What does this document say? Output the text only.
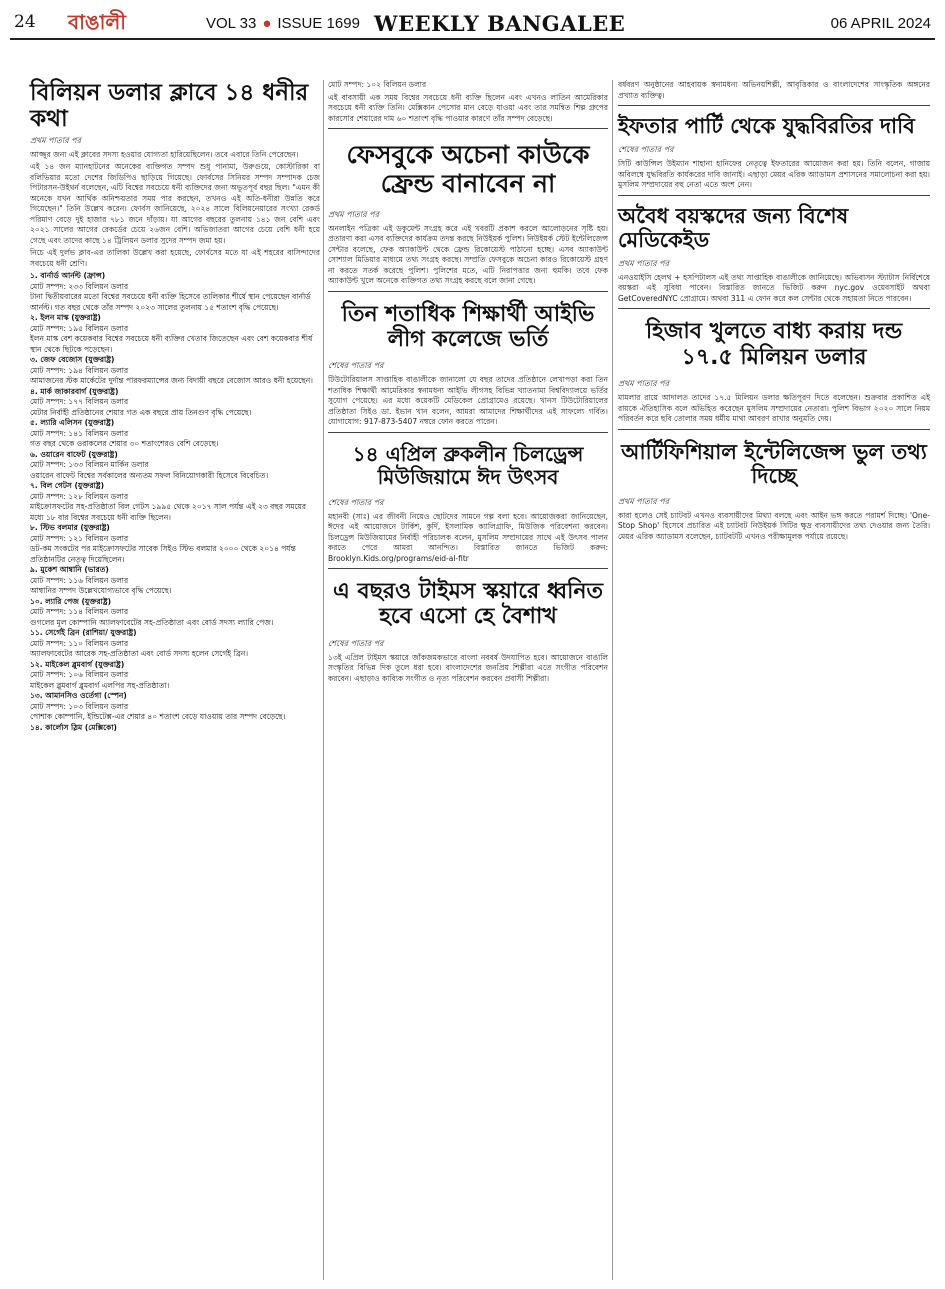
24 বাঙালী	VOL 33 ● ISSUE 1699 WEEKLY BANGALEE	06 APRIL 2024
বিলিয়ন ডলার ক্লাবে ১৪ ধনীর কথা
প্রথম পাতার পর

আজ্জুর জন্য এই ক্লাবের সদস্য হওয়ার যোগ্যতা হারিয়েছিলেন। তবে এবারে তিনি পেরেছেন।

এই ১৪ জন ম্যানহাটনের অনেকের ব্যক্তিগত সম্পদ শুধু পানামা, উরুগুয়ে, কোস্টারিকা বা বলিভিয়ার মতো দেশের জিডিপিও ছাড়িয়ে গিয়েছে। ফোর্বসের সিনিয়র সম্পদ সম্পাদক চেজ পিটারসন-উইথর্ন বলেছেন, এটি বিশ্বের সবচেয়ে ধনী ব্যক্তিদের জন্য অভূতপূর্ব বছর ছিল। "এমন কী অনেকে যখন আর্থিক অনিশ্চয়তার সময় পার করছেন, তখনও এই অতি-ধনীরা উন্নতি করে গিয়েছেন।" তিনি উল্লেখ করেন। ফোর্বস জানিয়েছে, ২০২৪ সালে বিলিয়নেয়ারের সংখ্যা রেকর্ড পরিমাণ বেড়ে দুই হাজার ৭৮১ জনে দাঁড়ায়। যা আগের বছরের তুলনায় ১৪১ জন বেশি এবং ২০২১ সালের আগের রেকর্ডের চেয়ে ২৬জন বেশি। অভিজাতরা আগের চেয়ে বেশি ধনী হয়ে গেছে এবং তাদের কাছে ১৪ ট্রিলিয়ন ডলার সুদের সম্পদ জমা হয়।

নিচে এই দুর্লভ ক্লাব-এর তালিকা উল্লেখ করা হয়েছে, ফোর্বসের মতে যা এই শহরের বাসিন্দাদের সবচেয়ে ধনী শ্রেণি।

১. বার্নার্ড আর্নল্ট (ফ্রান্স)
মোট সম্পদ: ২৩৩ বিলিয়ন ডলার
টানা দ্বিতীয়বারের মতো বিশ্বের সবচেয়ে ধনী ব্যক্তি হিসেবে তালিকার শীর্ষে স্থান পেয়েছেন বার্নার্ড আর্নল্ট। গত বছর থেকে তাঁর সম্পদ ২০২৩ সালের তুলনায় ১৫ শতাংশ বৃদ্ধি পেয়েছে।
২. ইলন মাস্ক (যুক্তরাষ্ট্র)
মোট সম্পদ: ১৯৫ বিলিয়ন ডলার
ইলন মাস্ক বেশ কয়েকবার বিশ্বের সবচেয়ে ধনী ব্যক্তির খেতাব জিতেছেন এবং বেশ কয়েকবার শীর্ষ স্থান থেকে ছিটকে পড়েছেন।
৩. জেফ বেজোস (যুক্তরাষ্ট্র)
মোট সম্পদ: ১৯৪ বিলিয়ন ডলার
আমাজনের স্টক মার্কেটের দুর্দান্ত পারফরম্যান্সের জন্য বিদায়ী বছরে বেজোস আরও ধনী হয়েছেন।
৪. মার্ক জাকারবার্গ (যুক্তরাষ্ট্র)
মোট সম্পদ: ১৭৭ বিলিয়ন ডলার
মেটার নির্বাহী প্রতিষ্ঠানের শেয়ার গত এক বছরে প্রায় তিনগুণ বৃদ্ধি পেয়েছে।
৫. ল্যারি এলিসন (যুক্তরাষ্ট্র)
মোট সম্পদ: ১৪১ বিলিয়ন ডলার
গত বছর থেকে ওরাকলের শেয়ার ৩০ শতাংশেরও বেশি বেড়েছে।
৬. ওয়ারেন বাফেট (যুক্তরাষ্ট্র)
মোট সম্পদ: ১৩৩ বিলিয়ন মার্কিন ডলার
ওয়ারেন বাফেট বিশ্বের সর্বকালের অন্যতম সফল বিনিয়োগকারী হিসেবে বিবেচিত।
৭. বিল গেটস (যুক্তরাষ্ট্র)
মোট সম্পদ: ১২৮ বিলিয়ন ডলার
মাইক্রোসফটের সহ-প্রতিষ্ঠাতা বিল গেটস ১৯৯৫ থেকে ২০১৭ সাল পর্যন্ত এই ২৩ বছর সময়ের মধ্যে ১৮ বার বিশ্বের সবচেয়ে ধনী ব্যক্তি ছিলেন।
৮. স্টিভ বলমার (যুক্তরাষ্ট্র)
মোট সম্পদ: ১২১ বিলিয়ন ডলার
ডট-কম সংকটের পর মাইক্রোসফটের সাবেক সিইও স্টিভ বলমার ২০০০ থেকে ২০১৪ পর্যন্ত প্রতিষ্ঠানটির নেতৃত্ব দিয়েছিলেন।
৯. মুকেশ আম্বানি (ভারত)
মোট সম্পদ: ১১৬ বিলিয়ন ডলার
আম্বানির সম্পদ উল্লেখযোগ্যভাবে বৃদ্ধি পেয়েছে।
১০. ল্যারি পেজ (যুক্তরাষ্ট্র)
মোট সম্পদ: ১১৪ বিলিয়ন ডলার
গুগলের মূল কোম্পানি অ্যালফাবেটের সহ-প্রতিষ্ঠাতা এবং বোর্ড সদস্য ল্যারি পেজ।
১১. সের্গেই ব্রিন (রাশিয়া/ যুক্তরাষ্ট্র)
মোট সম্পদ: ১১০ বিলিয়ন ডলার
অ্যালফাবেটের আরেক সহ-প্রতিষ্ঠাতা এবং বোর্ড সদস্য হলেন সের্গেই ব্রিন।
১২. মাইকেল ব্লুমবার্গ (যুক্তরাষ্ট্র)
মোট সম্পদ: ১০৬ বিলিয়ন ডলার
মাইকেল ব্লুমবার্গ ব্লুমবার্গ এলপির সহ-প্রতিষ্ঠাতা।
১৩. আমানসিও ওর্তেগা (স্পেন)
মোট সম্পদ: ১০৩ বিলিয়ন ডলার
পোশাক কোম্পানি, ইন্ডিটেক্স-এর শেয়ার ৪০ শতাংশ বেড়ে যাওয়ায় তার সম্পদ বেড়েছে।
১৪. কার্লোস স্লিম (মেক্সিকো)

মোট সম্পদ: ১০২ বিলিয়ন ডলার

এই বাবসায়ী এক সময় বিশ্বের সবচেয়ে ধনী ব্যক্তি ছিলেন এবং এখনও লাতিন আমেরিকার সবচেয়ে ধনী ব্যক্তি তিনি। মেক্সিকান পেসোর মান বেড়ে যাওয়া এবং তার সমন্বিত শিল্প গ্রুপের কারসোর শেয়ারের দাম ৬০ শতাংশ বৃদ্ধি পাওয়ার কারণে তাঁর সম্পদ বেড়েছে।

ফেসবুকে অচেনা কাউকে ফ্রেন্ড বানাবেন না
প্রথম পাতার পর
অনলাইন পত্রিকা এই ডকুমেন্ট সংগ্রহ করে এই খবরটি প্রকাশ করলে আলোড়নের সৃষ্টি হয়। প্রতারণা করা এসব ব্যক্তিদের কার্যক্রম তদন্ত করছে নিউইয়র্ক পুলিশ। নিউইয়র্ক স্টেট ইন্টেলিজেন্স সেন্টার বলেছে, ফেক অ্যাকাউন্ট থেকে ফ্রেন্ড রিকোয়েস্ট পাঠানো হচ্ছে। এসব অ্যাকাউন্ট সোশ্যাল মিডিয়ার মাধ্যমে তথ্য সংগ্রহ করছে। সম্প্রতি ফেসবুকে অচেনা কারও রিকোয়েস্ট গ্রহণ না করতে সতর্ক করেছে পুলিশ। পুলিশের মতে, এটি নিরাপত্তার জন্য হুমকি। তবে ফেক অ্যাকাউন্ট খুলে অনেকে ব্যক্তিগত তথ্য সংগ্রহ করছে বলে জানা গেছে।
তিন শতাধিক শিক্ষার্থী আইভি লীগ কলেজে ভর্তি
শেষের পাতার পর
টিউটোরিয়ালস সাপ্তাহিক বাঙালীকে জানালো যে বছর তাদের প্রতিষ্ঠানে লেখাপড়া করা তিন শতাধিক শিক্ষার্থী আমেরিকার স্বনামধন্য আইভি লীগসহ বিভিন্ন খ্যাতনামা বিশ্ববিদ্যালয়ে ভর্তির সুযোগ পেয়েছে। এর মধ্যে কয়েকটি মেডিকেল প্রোগ্রামেও রয়েছে। খানস টিউটোরিয়ালের প্রতিষ্ঠাতা সিইও ডা. ইভান খান বলেন, আমরা আমাদের শিক্ষার্থীদের এই সাফল্যে গর্বিত। যোগাযোগ: 917-873-5407 নম্বরে ফোন করতে পারেন।
১৪ এপ্রিল ব্রুকলীন চিলড্রেন্স মিউজিয়ামে ঈদ উৎসব
শেষের পাতার পর
মহানবী (সাঃ) এর জীবনী নিয়েও ছোটদের সামনে গল্প বলা হবে। আয়োজকরা জানিয়েছেন, ঈদের এই আয়োজনে টার্কিশ, কুর্দি, ইসলামিক ক্যালিগ্রাফি, মিউজিক পরিবেশনা করবেন। চিলড্রেন্স মিউজিয়ামের নির্বাহী পরিচালক বলেন, মুসলিম সম্প্রদায়ের সাথে এই উৎসব পালন করতে পেরে আমরা আনন্দিত। বিস্তারিত জানতে ভিজিট করুন: Brooklyn.Kids.org/programs/eid-al-fitr
এ বছরও টাইমস স্কয়ারে ধ্বনিত হবে এসো হে বৈশাখ
শেষের পাতার পর
১৩ই এপ্রিল টাইমস স্কয়ারে জাঁকজমকভাবে বাংলা নববর্ষ উদযাপিত হবে। আয়োজনে বাঙালি সংস্কৃতির বিভিন্ন দিক তুলে ধরা হবে। বাংলাদেশের জনপ্রিয় শিল্পীরা এতে সংগীত পরিবেশন করবেন। এছাড়াও কাব্যিক সংগীত ও নৃত্য পরিবেশন করবেন প্রবাসী শিল্পীরা।
বর্ষবরণ অনুষ্ঠানের আহবায়ক স্বনামধন্য অভিনয়শিল্পী, আবৃত্তিকার ও বাংলাদেশের সাংস্কৃতিক অঙ্গনের প্রখ্যাত ব্যক্তিত্ব।
ইফতার পার্টি থেকে যুদ্ধবিরতির দাবি
শেষের পাতার পর
সিটি কাউন্সিল উইম্যান শাহানা হানিফের নেতৃত্বে ইফতারের আয়োজন করা হয়। তিনি বলেন, গাজায় অবিলম্বে যুদ্ধবিরতি কার্যকরের দাবি জানাই। এছাড়া মেয়র এরিক অ্যাডামস প্রশাসনের সমালোচনা করা হয়। মুসলিম সম্প্রদায়ের বহু নেতা এতে অংশ নেন।
অবৈধ বয়স্কদের জন্য বিশেষ মেডিকেইড
প্রথম পাতার পর
এনওয়াইসি হেলথ + হসপিটালস এই তথ্য সাপ্তাহিক বাঙালীকে জানিয়েছে। অভিবাসন স্ট্যাটাস নির্বিশেষে বয়স্করা এই সুবিধা পাবেন। বিস্তারিত জানতে ভিজিট করুন nyc.gov ওয়েবসাইট অথবা GetCoveredNYC প্রোগ্রামে। অথবা 311 এ ফোন করে কল সেন্টার থেকে সহায়তা নিতে পারবেন।
হিজাব খুলতে বাধ্য করায় দন্ড ১৭.৫ মিলিয়ন ডলার
প্রথম পাতার পর
মামলার রায়ে আদালত তাদের ১৭.৫ মিলিয়ন ডলার ক্ষতিপূরণ দিতে বলেছেন। শুক্রবার প্রকাশিত এই রায়কে ঐতিহাসিক বলে অভিহিত করেছেন মুসলিম সম্প্রদায়ের নেতারা। পুলিশ বিভাগ ২০২০ সালে নিয়ম পরিবর্তন করে ছবি তোলার সময় ধর্মীয় মাথা আবরণ রাখার অনুমতি দেয়।
আর্টিফিশিয়াল ইন্টেলিজেন্স ভুল তথ্য দিচ্ছে
প্রথম পাতার পর
কারা হলেও সেই চ্যাটবট এখনও ব্যবসায়ীদের মিথ্যা বলছে এবং আইন ভঙ্গ করতে পরামর্শ দিচ্ছে। 'One-Stop Shop' হিসেবে প্রচারিত এই চ্যাটবট নিউইয়র্ক সিটির ক্ষুদ্র ব্যবসায়ীদের তথ্য দেওয়ার জন্য তৈরি। মেয়র এরিক অ্যাডামস বলেছেন, চ্যাটবটটি এখনও পরীক্ষামূলক পর্যায়ে রয়েছে।
